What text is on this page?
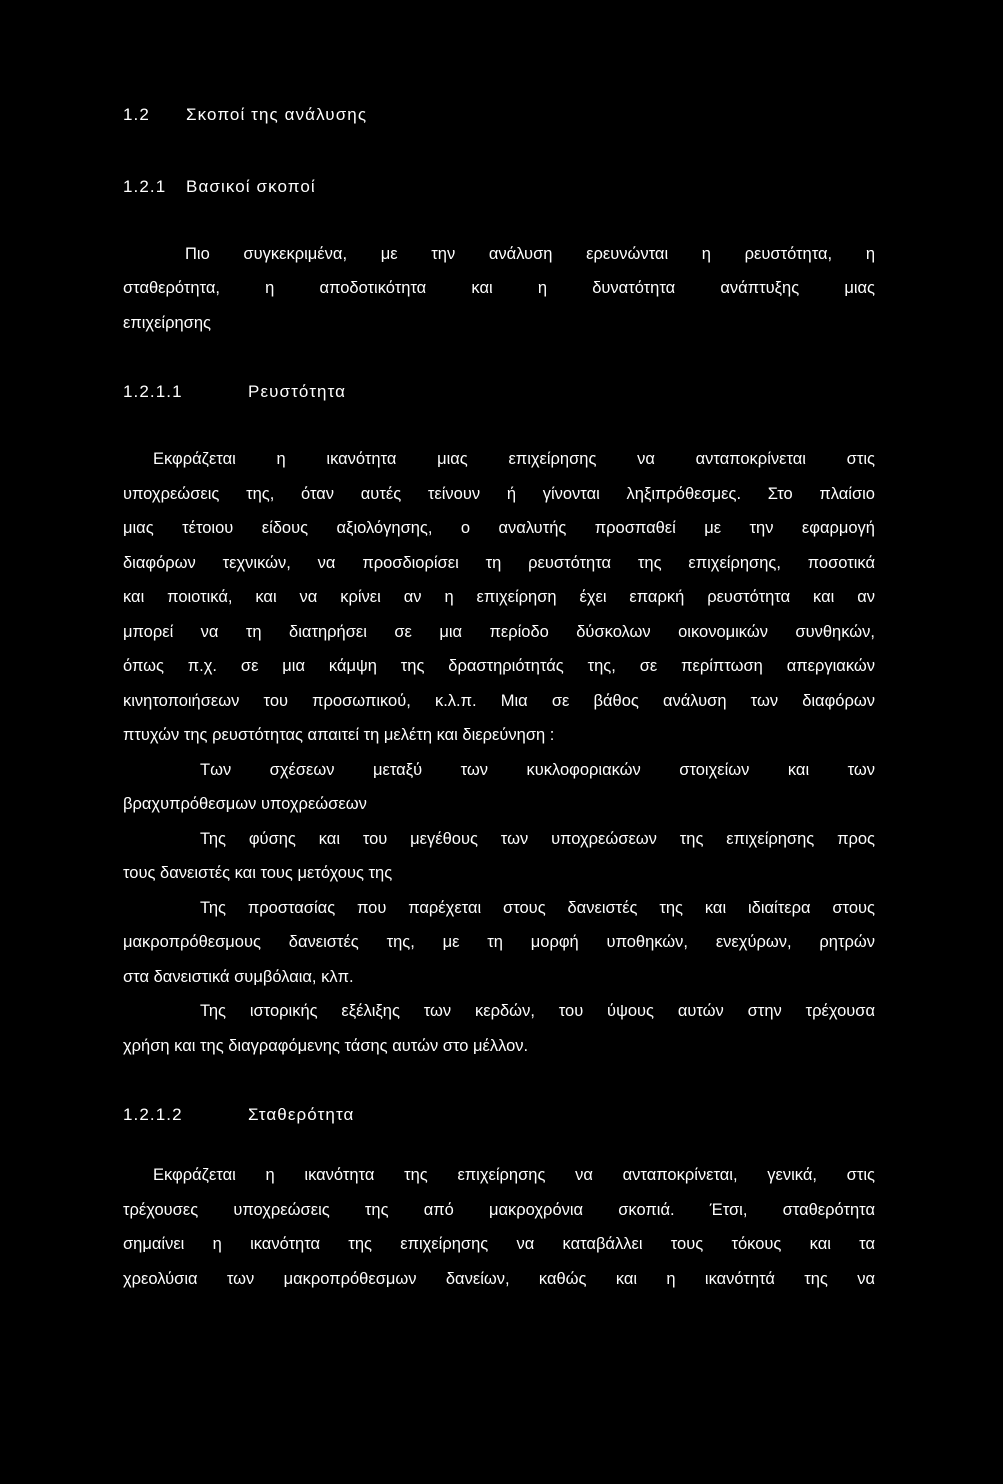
1.2 Σκοποί της ανάλυσης
1.2.1 Βασικοί σκοποί
Πιο συγκεκριμένα, με την ανάλυση ερευνώνται η ρευστότητα, η
σταθερότητα, η αποδοτικότητα και η δυνατότητα ανάπτυξης μιας
επιχείρησης
1.2.1.1	Ρευστότητα
Εκφράζεται η ικανότητα μιας επιχείρησης να ανταποκρίνεται στις
υποχρεώσεις της, όταν αυτές τείνουν ή γίνονται ληξιπρόθεσμες. Στο πλαίσιο
μιας τέτοιου είδους αξιολόγησης, ο αναλυτής προσπαθεί με την εφαρμογή
διαφόρων τεχνικών, να προσδιορίσει τη ρευστότητα της επιχείρησης, ποσοτικά
και ποιοτικά, και να κρίνει αν η επιχείρηση έχει επαρκή ρευστότητα και αν
μπορεί να τη διατηρήσει σε μια περίοδο δύσκολων οικονομικών συνθηκών,
όπως π.χ. σε μια κάμψη της δραστηριότητάς της, σε περίπτωση απεργιακών
κινητοποιήσεων του προσωπικού, κ.λ.π. Μια σε βάθος ανάλυση των διαφόρων
πτυχών της ρευστότητας απαιτεί τη μελέτη και διερεύνηση :
Των σχέσεων μεταξύ των κυκλοφοριακών στοιχείων και των
βραχυπρόθεσμων υποχρεώσεων
Της φύσης και του μεγέθους των υποχρεώσεων της επιχείρησης προς
τους δανειστές και τους μετόχους της
Της προστασίας που παρέχεται στους δανειστές της και ιδιαίτερα στους
μακροπρόθεσμους δανειστές της, με τη μορφή υποθηκών, ενεχύρων, ρητρών
στα δανειστικά συμβόλαια, κλπ.
Της ιστορικής εξέλιξης των κερδών, του ύψους αυτών στην τρέχουσα
χρήση και της διαγραφόμενης τάσης αυτών στο μέλλον.
1.2.1.2	Σταθερότητα
Εκφράζεται η ικανότητα της επιχείρησης να ανταποκρίνεται, γενικά, στις
τρέχουσες υποχρεώσεις της από μακροχρόνια σκοπιά. Έτσι, σταθερότητα
σημαίνει η ικανότητα της επιχείρησης να καταβάλλει τους τόκους και τα
χρεολύσια των μακροπρόθεσμων δανείων, καθώς και η ικανότητά της να
